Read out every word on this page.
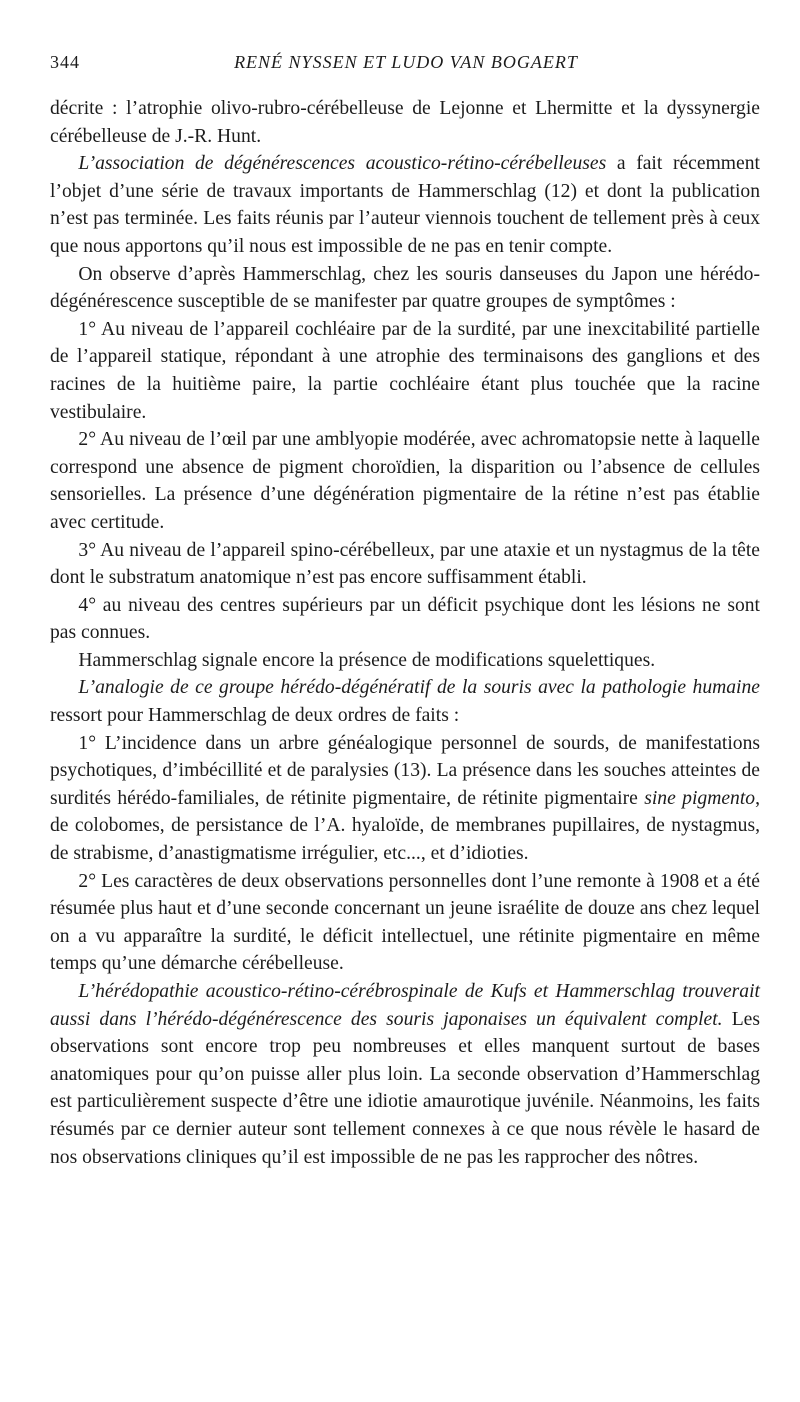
344	RENÉ NYSSEN ET LUDO VAN BOGAERT

décrite : l’atrophie olivo-rubro-cérébelleuse de Lejonne et Lhermitte et la dyssynergie cérébelleuse de J.-R. Hunt.

L’association de dégénérescences acoustico-rétino-cérébelleuses a fait récemment l’objet d’une série de travaux importants de Hammerschlag (12) et dont la publication n’est pas terminée. Les faits réunis par l’auteur viennois touchent de tellement près à ceux que nous apportons qu’il nous est impossible de ne pas en tenir compte.

On observe d’après Hammerschlag, chez les souris danseuses du Japon une hérédo-dégénérescence susceptible de se manifester par quatre groupes de symptômes :

1° Au niveau de l’appareil cochléaire par de la surdité, par une inexcitabilité partielle de l’appareil statique, répondant à une atrophie des terminaisons des ganglions et des racines de la huitième paire, la partie cochléaire étant plus touchée que la racine vestibulaire.

2° Au niveau de l’œil par une amblyopie modérée, avec achromatopsie nette à laquelle correspond une absence de pigment choroïdien, la disparition ou l’absence de cellules sensorielles. La présence d’une dégénération pigmentaire de la rétine n’est pas établie avec certitude.

3° Au niveau de l’appareil spino-cérébelleux, par une ataxie et un nystagmus de la tête dont le substratum anatomique n’est pas encore suffisamment établi.

4° au niveau des centres supérieurs par un déficit psychique dont les lésions ne sont pas connues.

Hammerschlag signale encore la présence de modifications squelettiques.

L’analogie de ce groupe hérédo-dégénératif de la souris avec la pathologie humaine ressort pour Hammerschlag de deux ordres de faits :

1° L’incidence dans un arbre généalogique personnel de sourds, de manifestations psychotiques, d’imbécillité et de paralysies (13). La présence dans les souches atteintes de surdités hérédo-familiales, de rétinite pigmentaire, de rétinite pigmentaire sine pigmento, de colobomes, de persistance de l’A. hyaloïde, de membranes pupillaires, de nystagmus, de strabisme, d’anastigmatisme irrégulier, etc..., et d’idioties.

2° Les caractères de deux observations personnelles dont l’une remonte à 1908 et a été résumée plus haut et d’une seconde concernant un jeune israélite de douze ans chez lequel on a vu apparaître la surdité, le déficit intellectuel, une rétinite pigmentaire en même temps qu’une démarche cérébelleuse.

L’hérédopathie acoustico-rétino-cérébrospinale de Kufs et Hammerschlag trouverait aussi dans l’hérédo-dégénérescence des souris japonaises un équivalent complet. Les observations sont encore trop peu nombreuses et elles manquent surtout de bases anatomiques pour qu’on puisse aller plus loin. La seconde observation d’Hammerschlag est particulièrement suspecte d’être une idiotie amaurotique juvénile. Néanmoins, les faits résumés par ce dernier auteur sont tellement connexes à ce que nous révèle le hasard de nos observations cliniques qu’il est impossible de ne pas les rapprocher des nôtres.
